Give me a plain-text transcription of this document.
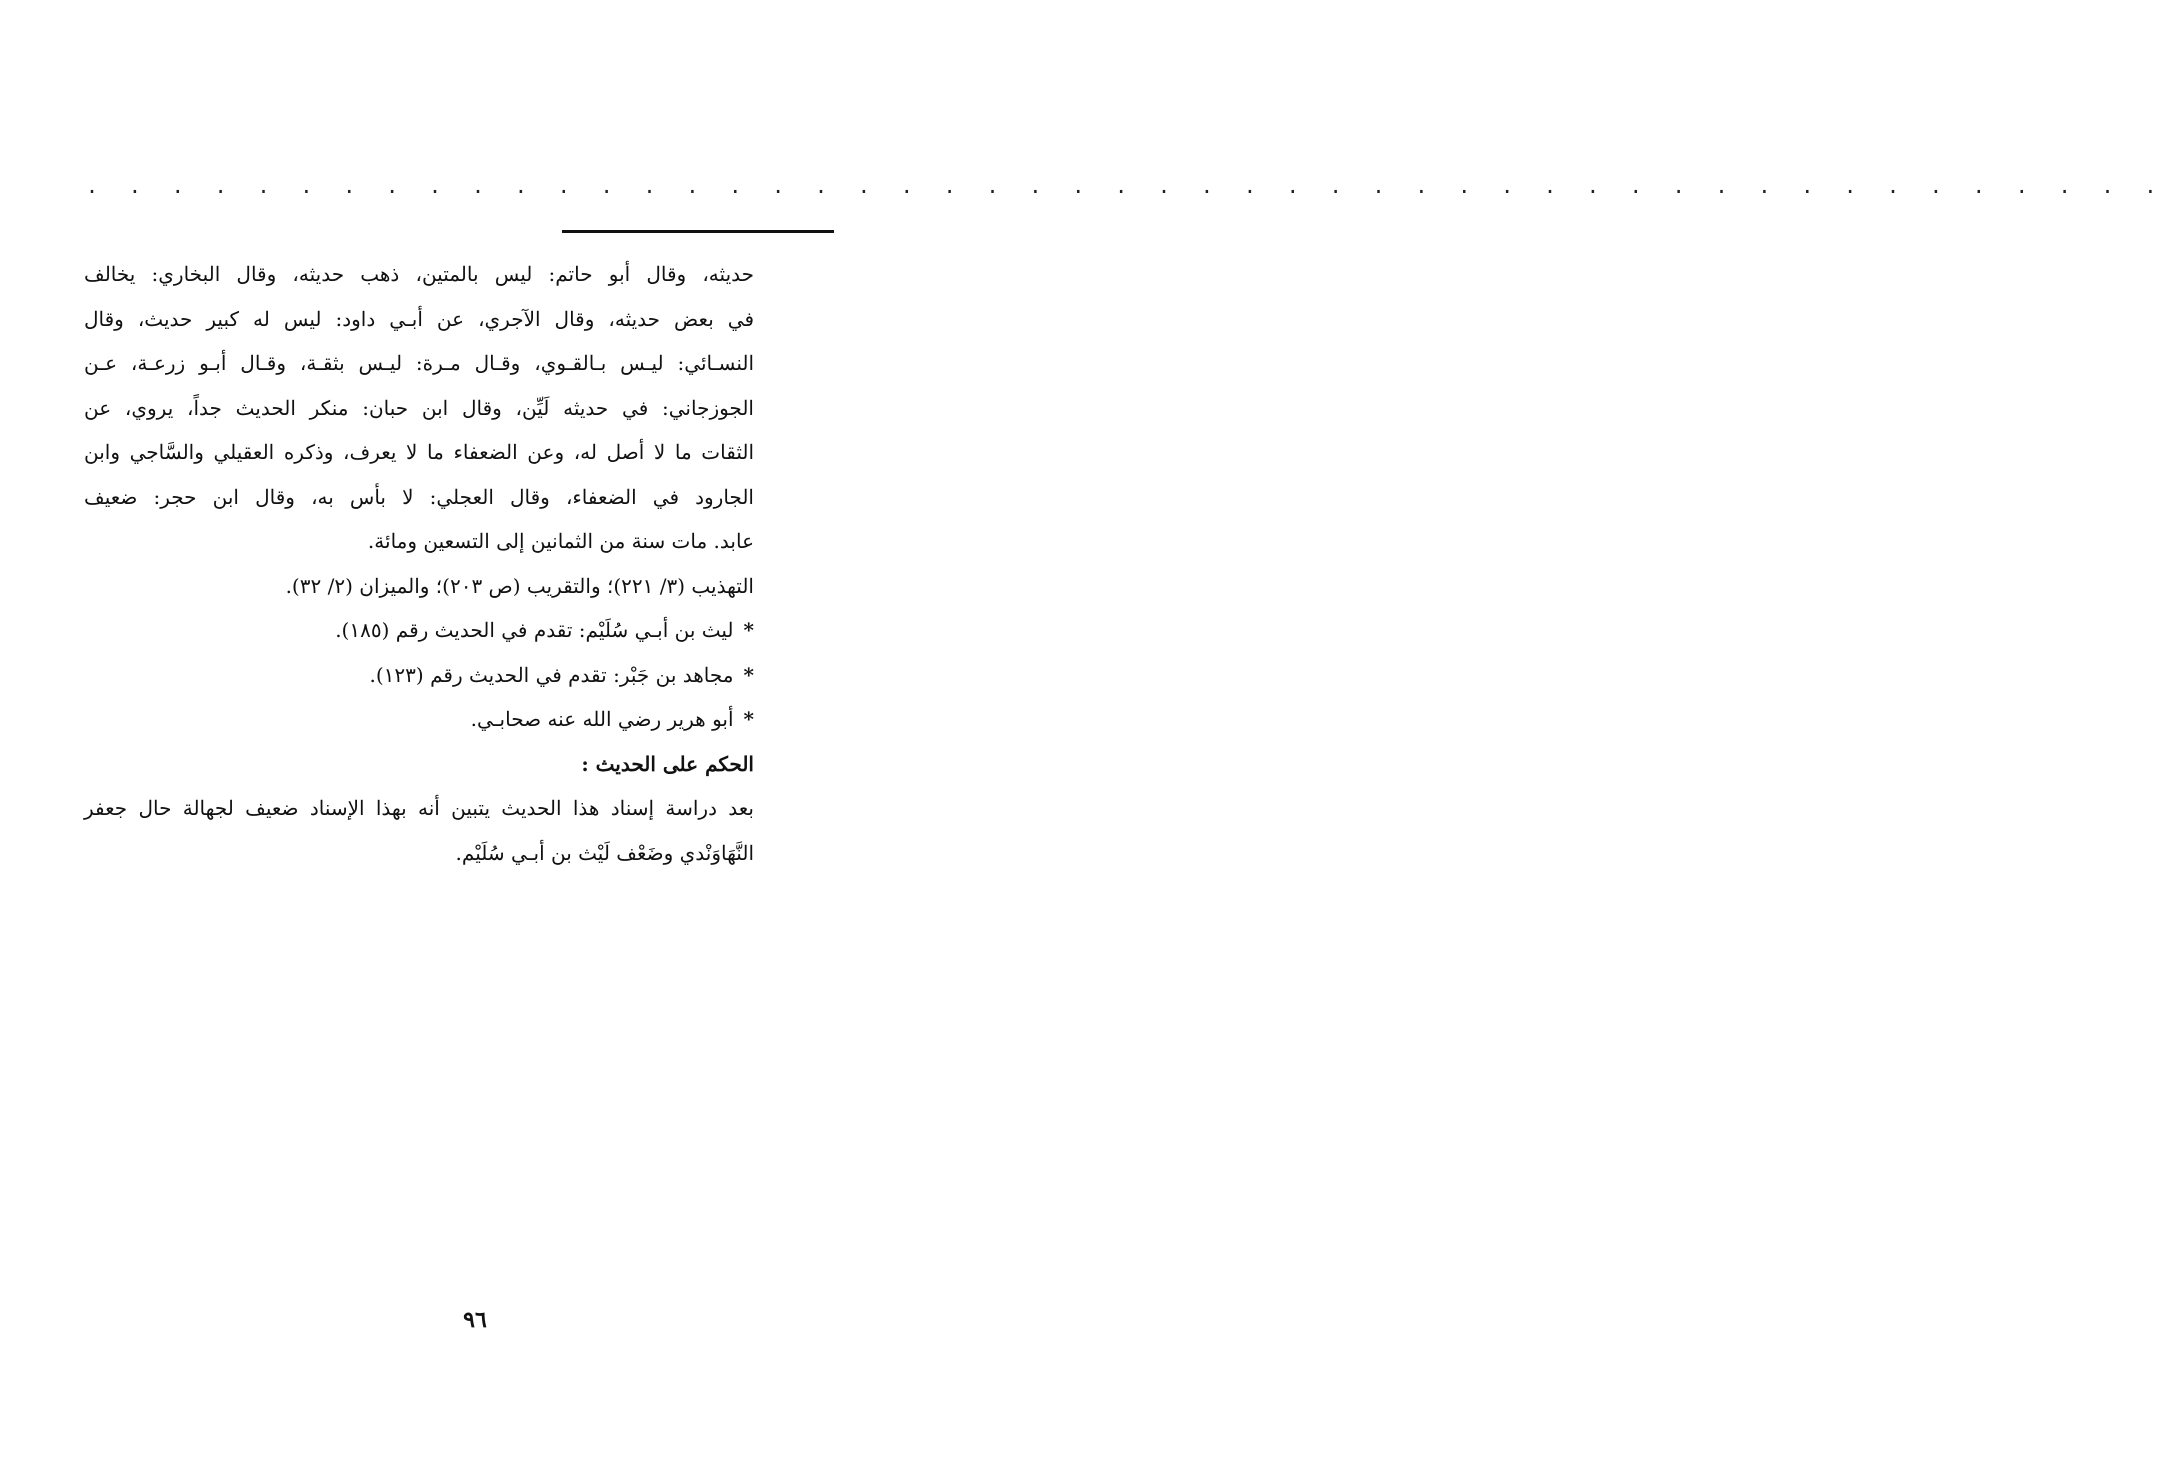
. . . . . . . . . . . . . . . . . . . . . . . . . . . . . . . . . . . . . . . . . . . . . . . . .
حديثه، وقال أبو حاتم: ليس بالمتين، ذهب حديثه، وقال البخاري: يخالف
في بعض حديثه، وقال الآجري، عن أبـي داود: ليس له كبير حديث، وقال
النسـائي: ليـس بـالقـوي، وقـال مـرة: ليـس بثقـة، وقـال أبـو زرعـة، عـن
الجوزجاني: في حديثه لَيِّن، وقال ابن حبان: منكر الحديث جداً، يروي، عن
الثقات ما لا أصل له، وعن الضعفاء ما لا يعرف، وذكره العقيلي والسَّاجي وابن
الجارود في الضعفاء، وقال العجلي: لا بأس به، وقال ابن حجر: ضعيف
عابد. مات سنة من الثمانين إلى التسعين ومائة.
التهذيب (٣/ ٢٢١)؛ والتقريب (ص ٢٠٣)؛ والميزان (٢/ ٣٢).
*ليث بن أبـي سُلَيْم: تقدم في الحديث رقم (١٨٥).
*مجاهد بن جَبْر: تقدم في الحديث رقم (١٢٣).
*أبو هرير رضي الله عنه صحابـي.
الحكم على الحديث :
بعد دراسة إسناد هذا الحديث يتبين أنه بهذا الإسناد ضعيف لجهالة حال جعفر
النَّهَاوَنْدي وضَعْف لَيْث بن أبـي سُلَيْم.
٩٦
